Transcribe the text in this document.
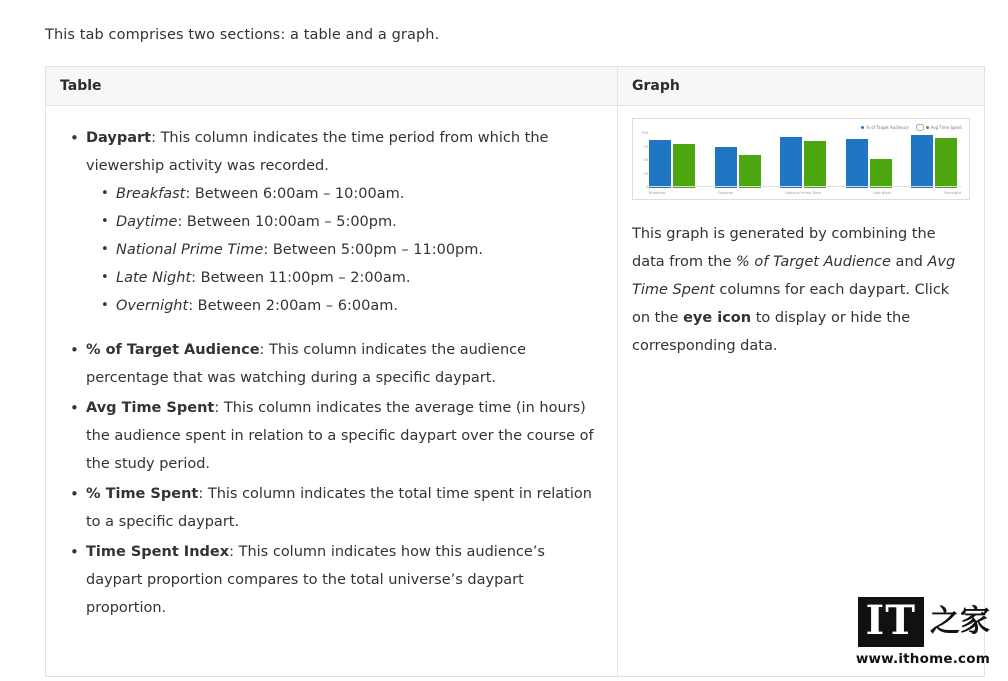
This tab comprises two sections: a table and a graph.
Table	Graph

• Daypart: This column indicates the time period from which the viewership activity was recorded.
• Breakfast: Between 6:00am – 10:00am.
• Daytime: Between 10:00am – 5:00pm.
• National Prime Time: Between 5:00pm – 11:00pm.
• Late Night: Between 11:00pm – 2:00am.
• Overnight: Between 2:00am – 6:00am.
• % of Target Audience: This column indicates the audience percentage that was watching during a specific daypart.
• Avg Time Spent: This column indicates the average time (in hours) the audience spent in relation to a specific daypart over the course of the study period.
• % Time Spent: This column indicates the total time spent in relation to a specific daypart.
• Time Spent Index: This column indicates how this audience’s daypart proportion compares to the total universe’s daypart proportion.

% of Target Audience	Avg Time Spent
100
75
50
25
0
Breakfast	Daytime	National Prime Time	Late Night	Overnight
This graph is generated by combining the data from the % of Target Audience and Avg Time Spent columns for each daypart. Click on the eye icon to display or hide the corresponding data.
IT 之家
www.ithome.com
